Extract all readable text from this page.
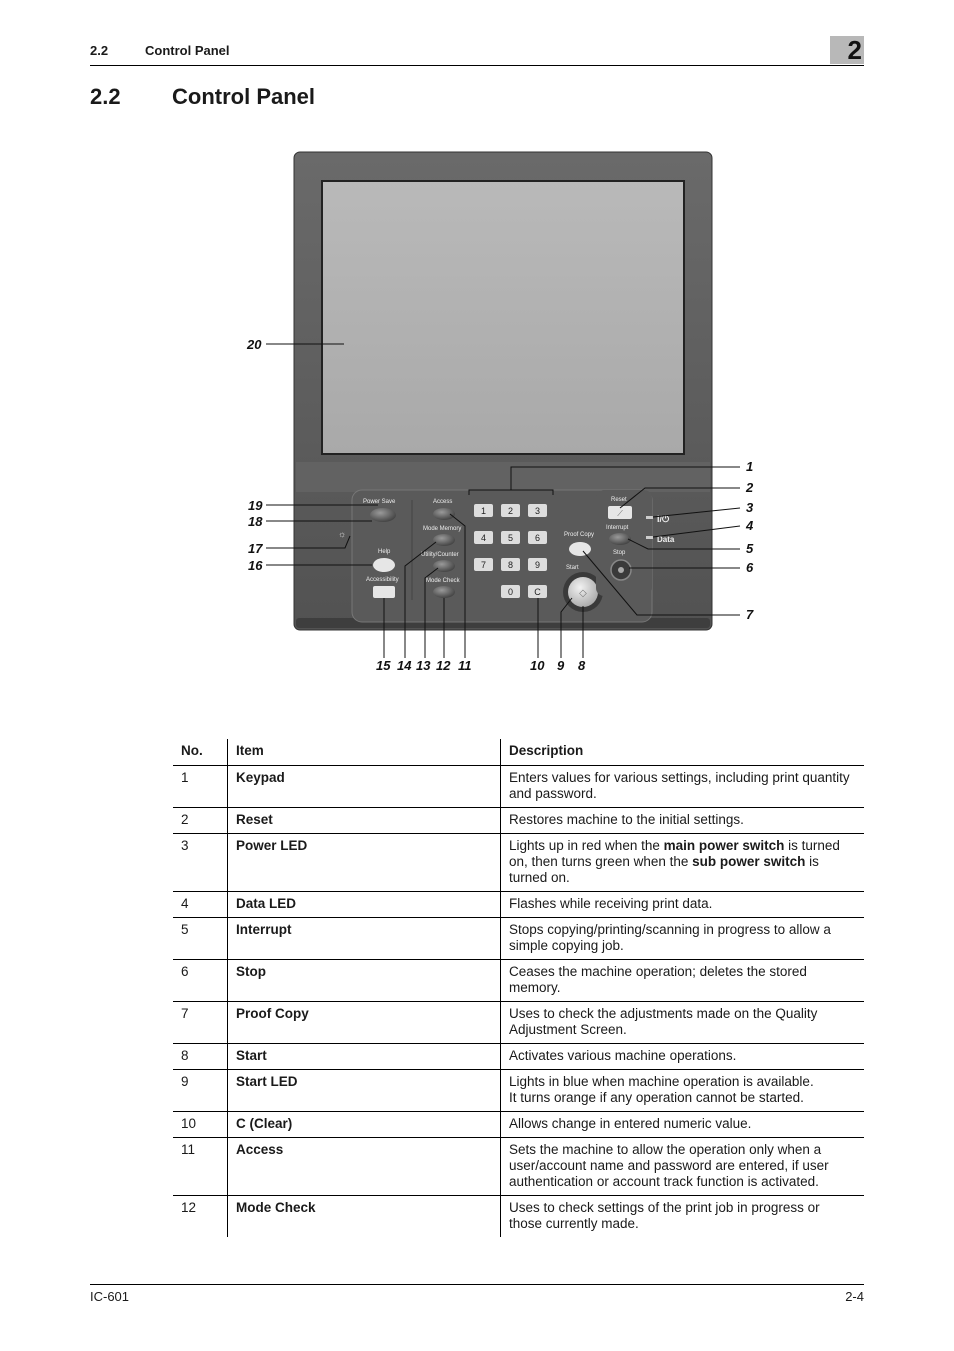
2.2	Control Panel	2
2.2 Control Panel
Power Save
☼
Help
Accessibility
Access
Mode Memory
Utility/Counter
Mode Check
1 2 3
4 5 6
7 8 9
0 C
Proof Copy
Start
◇
Reset
⟋
Interrupt
Stop
I/⏻
Data
1
2
3
4
5
6
7
8
9
10
11
12
13
14
15
16
17
18
19
20
No.	Item	Description
1	Keypad	Enters values for various settings, including print quantity and password.
2	Reset	Restores machine to the initial settings.
3	Power LED	Lights up in red when the main power switch is turned on, then turns green when the sub power switch is turned on.
4	Data LED	Flashes while receiving print data.
5	Interrupt	Stops copying/printing/scanning in progress to allow a simple copying job.
6	Stop	Ceases the machine operation; deletes the stored memory.
7	Proof Copy	Uses to check the adjustments made on the Quality Adjustment Screen.
8	Start	Activates various machine operations.
9	Start LED	Lights in blue when machine operation is available.
It turns orange if any operation cannot be started.

10	C (Clear)	Allows change in entered numeric value.
11	Access	Sets the machine to allow the operation only when a user/account name and password are entered, if user authentication or account track function is activated.
12	Mode Check	Uses to check settings of the print job in progress or those currently made.
IC-601	2-4
